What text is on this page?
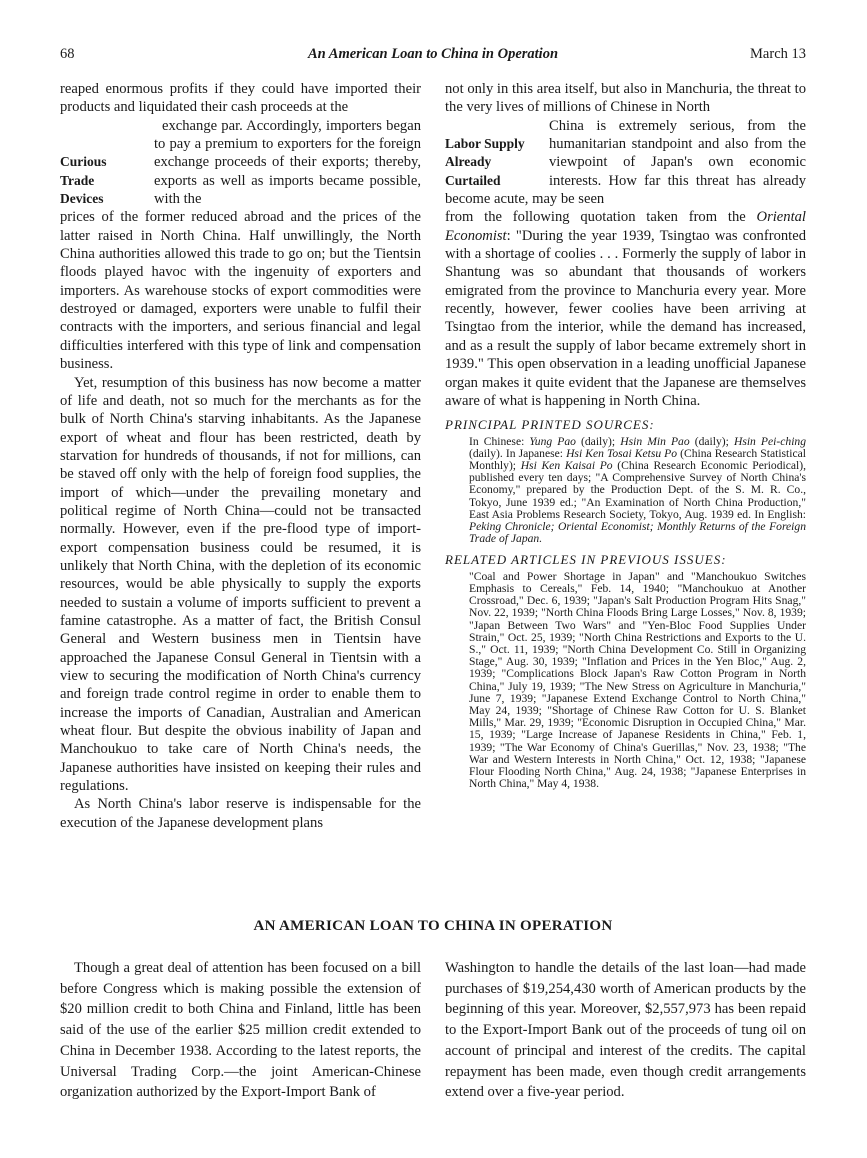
68	An American Loan to China in Operation	March 13

reaped enormous profits if they could have imported their products and liquidated their cash proceeds at the

Curious
Trade
Devices

exchange par. Accordingly, importers began to pay a premium to exporters for the foreign exchange proceeds of their exports; thereby, exports as well as imports became possible, with the

prices of the former reduced abroad and the prices of the latter raised in North China. Half unwillingly, the North China authorities allowed this trade to go on; but the Tientsin floods played havoc with the ingenuity of exporters and importers. As warehouse stocks of export commodities were destroyed or damaged, exporters were unable to fulfil their contracts with the importers, and serious financial and legal difficulties interfered with this type of link and compensation business.

Yet, resumption of this business has now become a matter of life and death, not so much for the merchants as for the bulk of North China's starving inhabitants. As the Japanese export of wheat and flour has been restricted, death by starvation for hundreds of thousands, if not for millions, can be staved off only with the help of foreign food supplies, the import of which—under the prevailing monetary and political regime of North China—could not be transacted normally. However, even if the pre-flood type of import-export compensation business could be resumed, it is unlikely that North China, with the depletion of its economic resources, would be able physically to supply the exports needed to sustain a volume of imports sufficient to prevent a famine catastrophe. As a matter of fact, the British Consul General and Western business men in Tientsin have approached the Japanese Consul General in Tientsin with a view to securing the modification of North China's currency and foreign trade control regime in order to enable them to increase the imports of Canadian, Australian and American wheat flour. But despite the obvious inability of Japan and Manchoukuo to take care of North China's needs, the Japanese authorities have insisted on keeping their rules and regulations.

As North China's labor reserve is indispensable for the execution of the Japanese development plans

not only in this area itself, but also in Manchuria, the threat to the very lives of millions of Chinese in North

Labor Supply
Already
Curtailed

China is extremely serious, from the humanitarian standpoint and also from the viewpoint of Japan's own economic interests. How far this threat has already become acute, may be seen

from the following quotation taken from the Oriental Economist: "During the year 1939, Tsingtao was confronted with a shortage of coolies . . . Formerly the supply of labor in Shantung was so abundant that thousands of workers emigrated from the province to Manchuria every year. More recently, however, fewer coolies have been arriving at Tsingtao from the interior, while the demand has increased, and as a result the supply of labor became extremely short in 1939." This open observation in a leading unofficial Japanese organ makes it quite evident that the Japanese are themselves aware of what is happening in North China.

PRINCIPAL PRINTED SOURCES:

In Chinese: Yung Pao (daily); Hsin Min Pao (daily); Hsin Pei-ching (daily). In Japanese: Hsi Ken Tosai Ketsu Po (China Research Statistical Monthly); Hsi Ken Kaisai Po (China Research Economic Periodical), published every ten days; "A Comprehensive Survey of North China's Economy," prepared by the Production Dept. of the S. M. R. Co., Tokyo, June 1939 ed.; "An Examination of North China Production," East Asia Problems Research Society, Tokyo, Aug. 1939 ed. In English: Peking Chronicle; Oriental Economist; Monthly Returns of the Foreign Trade of Japan.

RELATED ARTICLES IN PREVIOUS ISSUES:

"Coal and Power Shortage in Japan" and "Manchoukuo Switches Emphasis to Cereals," Feb. 14, 1940; "Manchoukuo at Another Crossroad," Dec. 6, 1939; "Japan's Salt Production Program Hits Snag," Nov. 22, 1939; "North China Floods Bring Large Losses," Nov. 8, 1939; "Japan Between Two Wars" and "Yen-Bloc Food Supplies Under Strain," Oct. 25, 1939; "North China Restrictions and Exports to the U. S.," Oct. 11, 1939; "North China Development Co. Still in Organizing Stage," Aug. 30, 1939; "Inflation and Prices in the Yen Bloc," Aug. 2, 1939; "Complications Block Japan's Raw Cotton Program in North China," July 19, 1939; "The New Stress on Agriculture in Manchuria," June 7, 1939; "Japanese Extend Exchange Control to North China," May 24, 1939; "Shortage of Chinese Raw Cotton for U. S. Blanket Mills," Mar. 29, 1939; "Economic Disruption in Occupied China," Mar. 15, 1939; "Large Increase of Japanese Residents in China," Feb. 1, 1939; "The War Economy of China's Guerillas," Nov. 23, 1938; "The War and Western Interests in North China," Oct. 12, 1938; "Japanese Flour Flooding North China," Aug. 24, 1938; "Japanese Enterprises in North China," May 4, 1938.

AN AMERICAN LOAN TO CHINA IN OPERATION

Though a great deal of attention has been focused on a bill before Congress which is making possible the extension of $20 million credit to both China and Finland, little has been said of the use of the earlier $25 million credit extended to China in December 1938. According to the latest reports, the Universal Trading Corp.—the joint American-Chinese organization authorized by the Export-Import Bank of

Washington to handle the details of the last loan—had made purchases of $19,254,430 worth of American products by the beginning of this year. Moreover, $2,557,973 has been repaid to the Export-Import Bank out of the proceeds of tung oil on account of principal and interest of the credits. The capital repayment has been made, even though credit arrangements extend over a five-year period.
